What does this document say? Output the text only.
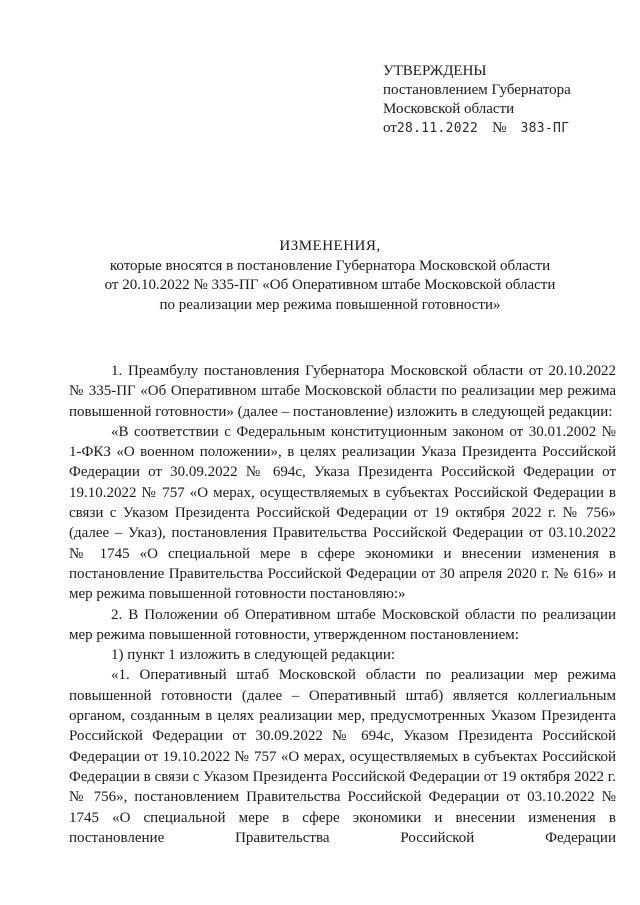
УТВЕРЖДЕНЫ
постановлением Губернатора
Московской области
от28.11.2022 № 383-ПГ
ИЗМЕНЕНИЯ,
которые вносятся в постановление Губернатора Московской области
от 20.10.2022 № 335-ПГ «Об Оперативном штабе Московской области
по реализации мер режима повышенной готовности»

1. Преамбулу постановления Губернатора Московской области от 20.10.2022 № 335-ПГ «Об Оперативном штабе Московской области по реализации мер режима повышенной готовности» (далее – постановление) изложить в следующей редакции:

«В соответствии с Федеральным конституционным законом от 30.01.2002 № 1-ФКЗ «О военном положении», в целях реализации Указа Президента Российской Федерации от 30.09.2022 № 694с, Указа Президента Российской Федерации от 19.10.2022 № 757 «О мерах, осуществляемых в субъектах Российской Федерации в связи с Указом Президента Российской Федерации от 19 октября 2022 г. № 756» (далее – Указ), постановления Правительства Российской Федерации от 03.10.2022 № 1745 «О специальной мере в сфере экономики и внесении изменения в постановление Правительства Российской Федерации от 30 апреля 2020 г. № 616» и мер режима повышенной готовности постановляю:»

2. В Положении об Оперативном штабе Московской области по реализации мер режима повышенной готовности, утвержденном постановлением:

1) пункт 1 изложить в следующей редакции:

«1. Оперативный штаб Московской области по реализации мер режима повышенной готовности (далее – Оперативный штаб) является коллегиальным органом, созданным в целях реализации мер, предусмотренных Указом Президента Российской Федерации от 30.09.2022 № 694с, Указом Президента Российской Федерации от 19.10.2022 № 757 «О мерах, осуществляемых в субъектах Российской Федерации в связи с Указом Президента Российской Федерации от 19 октября 2022 г. № 756», постановлением Правительства Российской Федерации от 03.10.2022 № 1745 «О специальной мере в сфере экономики и внесении изменения в постановление Правительства Российской Федерации
